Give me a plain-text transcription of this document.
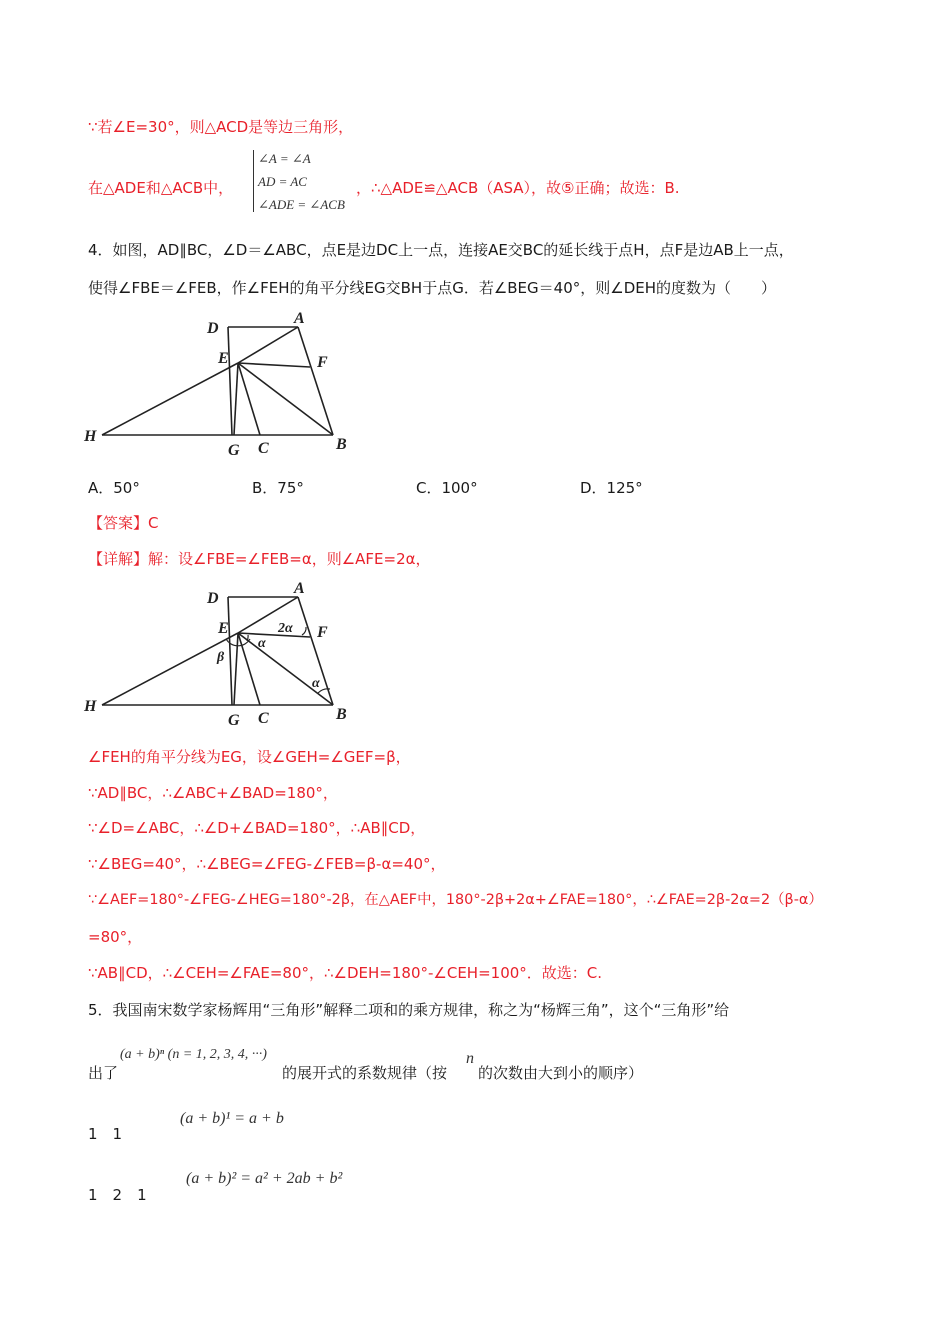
∵若∠E=30°，则△ACD是等边三角形，
∠A = ∠A
AD = AC
∠ADE = ∠ACB
在△ADE和△ACB中，	，∴△ADE≌△ACB（ASA），故⑤正确；故选：B.
4．如图，AD∥BC，∠D＝∠ABC，点E是边DC上一点，连接AE交BC的延长线于点H，点F是边AB上一点，
使得∠FBE＝∠FEB，作∠FEH的角平分线EG交BH于点G．若∠BEG＝40°，则∠DEH的度数为（　　）
D
A
E	F
H
G C	B
A．50°	B．75°	C．100°	D．125°
【答案】C
【详解】解：设∠FBE=∠FEB=α，则∠AFE=2α，
D
A
E	2α F
β
α
α
H
G C	B
∠FEH的角平分线为EG，设∠GEH=∠GEF=β，
∵AD∥BC，∴∠ABC+∠BAD=180°，
∵∠D=∠ABC，∴∠D+∠BAD=180°，∴AB∥CD，
∵∠BEG=40°，∴∠BEG=∠FEG-∠FEB=β-α=40°，
∵∠AEF=180°-∠FEG-∠HEG=180°-2β，在△AEF中，180°-2β+2α+∠FAE=180°，∴∠FAE=2β-2α=2（β-α）
=80°，
∵AB∥CD，∴∠CEH=∠FAE=80°，∴∠DEH=180°-∠CEH=100°．故选：C.
5．我国南宋数学家杨辉用“三角形”解释二项和的乘方规律，称之为“杨辉三角”，这个“三角形”给
出了
(a + b)ⁿ (n = 1, 2, 3, 4, ···)
的展开式的系数规律（按
n
的次数由大到小的顺序）
1　1
(a + b)¹ = a + b
1　2　1
(a + b)² = a² + 2ab + b²
